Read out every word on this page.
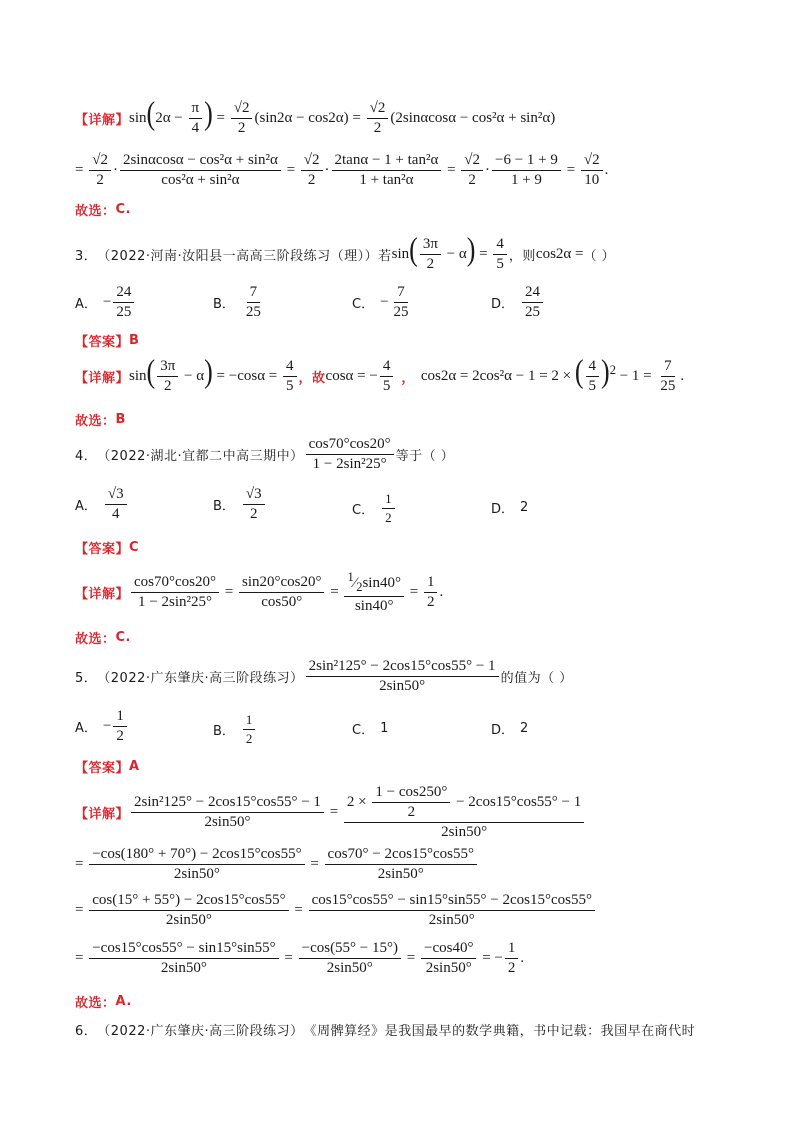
【详解】 $\sin(2\alpha - \frac{\pi}{4}$ ) = $\frac{√2}{2} (\sin 2\alpha - \cos 2\alpha) = \frac{√2}{2} (2\sin\alpha\cos\alpha - \cos^2\alpha + \sin^2\alpha)$
= $\frac{√2}{2} \cdot \frac{\text{2sinαcosα − cos²α + sin²α}}{\text{cos²α + sin²α}} = \frac{√2}{2} \cdot \frac{\text{2tanα − 1 + tan²α}}{\text{1 + tan²α}} = \frac{√2}{2} \cdot \frac{-6 - 1 + 9}{1 + 9} = \frac{√2}{10}$ .
故选： C.
3． （2022·河南·汝阳县一高高三阶段练习（理）） 若 $\sin( \frac{3\pi}{2} - \alpha) = \frac{4}{5}$ ，则 cos2α = （ ）
A． − $\frac{24}{25}$	B． $\frac{7}{25}$	C． − $\frac{7}{25}$	D． $\frac{24}{25}$
【答案】 B
【详解】 $\sin( \frac{3\pi}{2} - \alpha) = -\cos\alpha = \frac{4}{5}$ ，故 cosα = − $\frac{4}{5}$ ， cos2α = 2cos²α − 1 = 2 × ( $\frac{4}{5} )^2 - 1 = \frac{7}{25}$ .
故选： B
4． （2022·湖北·宜都二中高三期中） $\frac{\cos 70^\circ\cos 20^\circ}{\text{1 − 2sin²25°}}$ 等于（ ）
A． $\frac{√3}{4}$	B． $\frac{√3}{2}$	C． $\frac{1}{2}$	D． 2
【答案】 C
【详解】 $\frac{\cos 70^\circ\cos 20^\circ}{\text{1 − 2sin²25°}} = \frac{\sin 20^\circ\cos 20^\circ}{\cos 50^\circ} = \frac{^1⁄_2\sin 40^\circ}{\sin 40^\circ} = \frac{1}{2}$ .
故选： C.
5． （2022·广东肇庆·高三阶段练习） $\frac{\text{2sin²125° − 2cos15°cos55° − 1}}{2\sin 50^\circ}$ 的值为（ ）
A． − $\frac{1}{2}$	B． $\frac{1}{2}$	C． 1	D． 2
【答案】 A
【详解】 $\frac{\text{2sin²125° − 2cos15°cos55° − 1}}{2\sin 50^\circ} = \frac{2 \times \frac{1 - \cos 250^\circ}{2} - 2\cos 15^\circ\cos 55^\circ - 1}{2\sin 50^\circ}$
= $\frac{-\cos(180^\circ + 70^\circ) - 2\cos 15^\circ\cos 55^\circ}{2\sin 50^\circ} = \frac{\cos 70^\circ - 2\cos 15^\circ\cos 55^\circ}{2\sin 50^\circ}$
= $\frac{\cos(15^\circ + 55^\circ) - 2\cos 15^\circ\cos 55^\circ}{2\sin 50^\circ} = \frac{\cos 15^\circ\cos 55^\circ - \sin 15^\circ\sin 55^\circ - 2\cos 15^\circ\cos 55^\circ}{2\sin 50^\circ}$
= $\frac{-\cos 15^\circ\cos 55^\circ - \sin 15^\circ\sin 55^\circ}{2\sin 50^\circ} = \frac{-\cos(55^\circ - 15^\circ)}{2\sin 50^\circ} = \frac{-\cos 40^\circ}{2\sin 50^\circ}$ = − $\frac{1}{2}$ .
故选： A.
6． （2022·广东肇庆·高三阶段练习） 《周髀算经》是我国最早的数学典籍，书中记载：我国早在商代时
